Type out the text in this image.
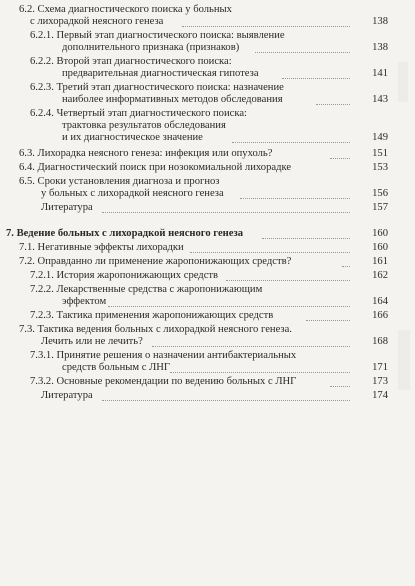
6.2. Схема диагностического поиска у больных
с лихорадкой неясного генеза	138
6.2.1. Первый этап диагностического поиска: выявление
дополнительного признака (признаков)	138
6.2.2. Второй этап диагностического поиска:
предварительная диагностическая гипотеза	141
6.2.3. Третий этап диагностического поиска: назначение
наиболее информативных методов обследования	143
6.2.4. Четвертый этап диагностического поиска:
трактовка результатов обследования
и их диагностическое значение	149
6.3. Лихорадка неясного генеза: инфекция или опухоль?	151
6.4. Диагностический поиск при нозокомиальной лихорадке	153
6.5. Сроки установления диагноза и прогноз
у больных с лихорадкой неясного генеза	156
Литература	157
7. Ведение больных с лихорадкой неясного генеза	160
7.1. Негативные эффекты лихорадки	160
7.2. Оправданно ли применение жаропонижающих средств?	161
7.2.1. История жаропонижающих средств	162
7.2.2. Лекарственные средства с жаропонижающим
эффектом	164
7.2.3. Тактика применения жаропонижающих средств	166
7.3. Тактика ведения больных с лихорадкой неясного генеза.
Лечить или не лечить?	168
7.3.1. Принятие решения о назначении антибактериальных
средств больным с ЛНГ	171
7.3.2. Основные рекомендации по ведению больных с ЛНГ	173
Литература	174
